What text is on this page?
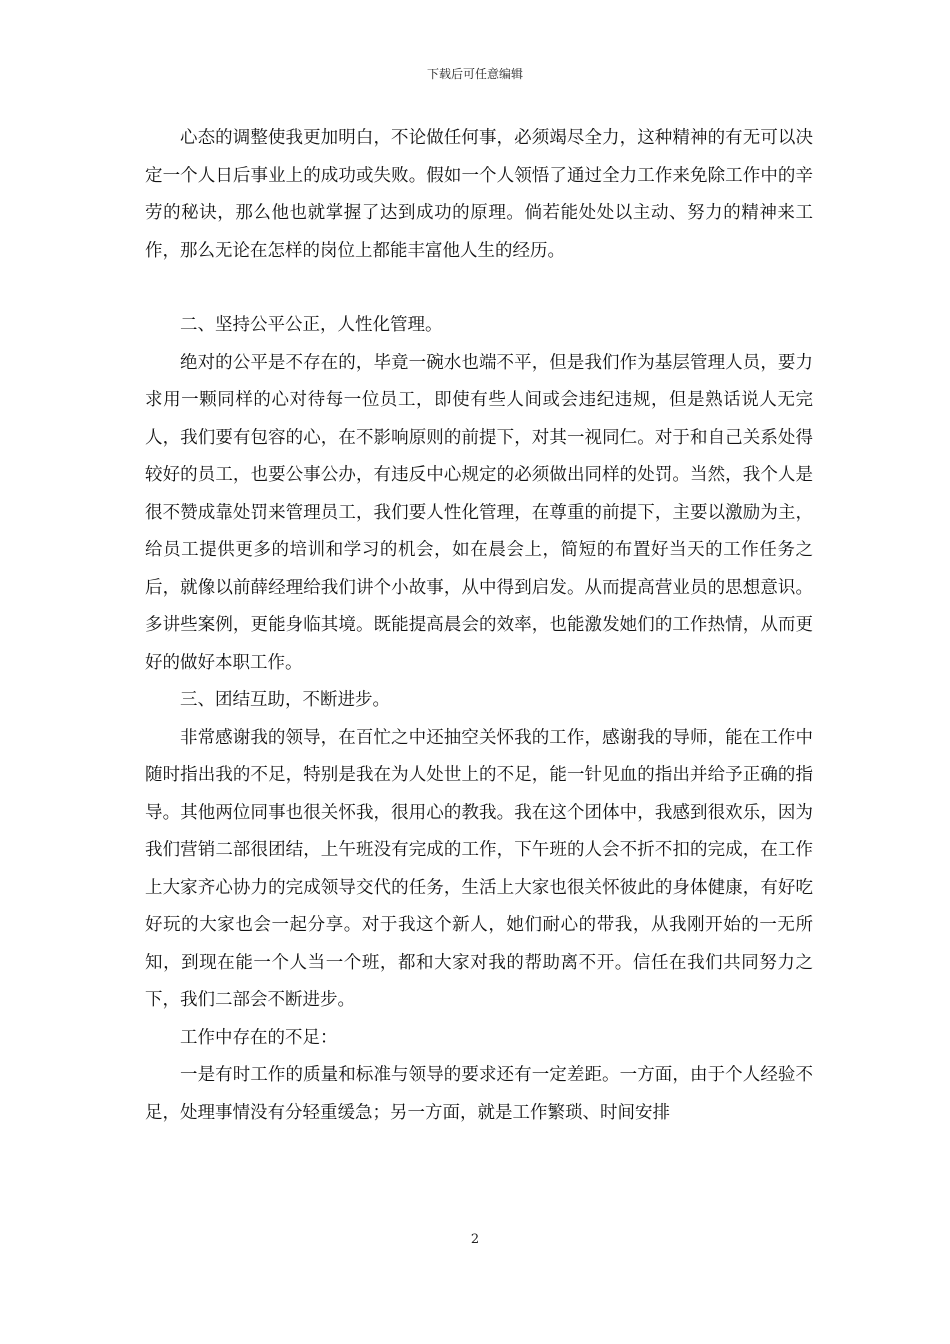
下载后可任意编辑

心态的调整使我更加明白，不论做任何事，必须竭尽全力，这种精神的有无可以决定一个人日后事业上的成功或失败。假如一个人领悟了通过全力工作来免除工作中的辛劳的秘诀，那么他也就掌握了达到成功的原理。倘若能处处以主动、努力的精神来工作，那么无论在怎样的岗位上都能丰富他人生的经历。

二、坚持公平公正，人性化管理。

绝对的公平是不存在的，毕竟一碗水也端不平，但是我们作为基层管理人员，要力求用一颗同样的心对待每一位员工，即使有些人间或会违纪违规，但是熟话说人无完人，我们要有包容的心，在不影响原则的前提下，对其一视同仁。对于和自己关系处得较好的员工，也要公事公办，有违反中心规定的必须做出同样的处罚。当然，我个人是很不赞成靠处罚来管理员工，我们要人性化管理，在尊重的前提下，主要以激励为主，给员工提供更多的培训和学习的机会，如在晨会上，简短的布置好当天的工作任务之后，就像以前薛经理给我们讲个小故事，从中得到启发。从而提高营业员的思想意识。多讲些案例，更能身临其境。既能提高晨会的效率，也能激发她们的工作热情，从而更好的做好本职工作。

三、团结互助，不断进步。

非常感谢我的领导，在百忙之中还抽空关怀我的工作，感谢我的导师，能在工作中随时指出我的不足，特别是我在为人处世上的不足，能一针见血的指出并给予正确的指导。其他两位同事也很关怀我，很用心的教我。我在这个团体中，我感到很欢乐，因为我们营销二部很团结，上午班没有完成的工作，下午班的人会不折不扣的完成，在工作上大家齐心协力的完成领导交代的任务，生活上大家也很关怀彼此的身体健康，有好吃好玩的大家也会一起分享。对于我这个新人，她们耐心的带我，从我刚开始的一无所知，到现在能一个人当一个班，都和大家对我的帮助离不开。信任在我们共同努力之下，我们二部会不断进步。

工作中存在的不足：

一是有时工作的质量和标准与领导的要求还有一定差距。一方面，由于个人经验不足，处理事情没有分轻重缓急；另一方面，就是工作繁琐、时间安排

2
